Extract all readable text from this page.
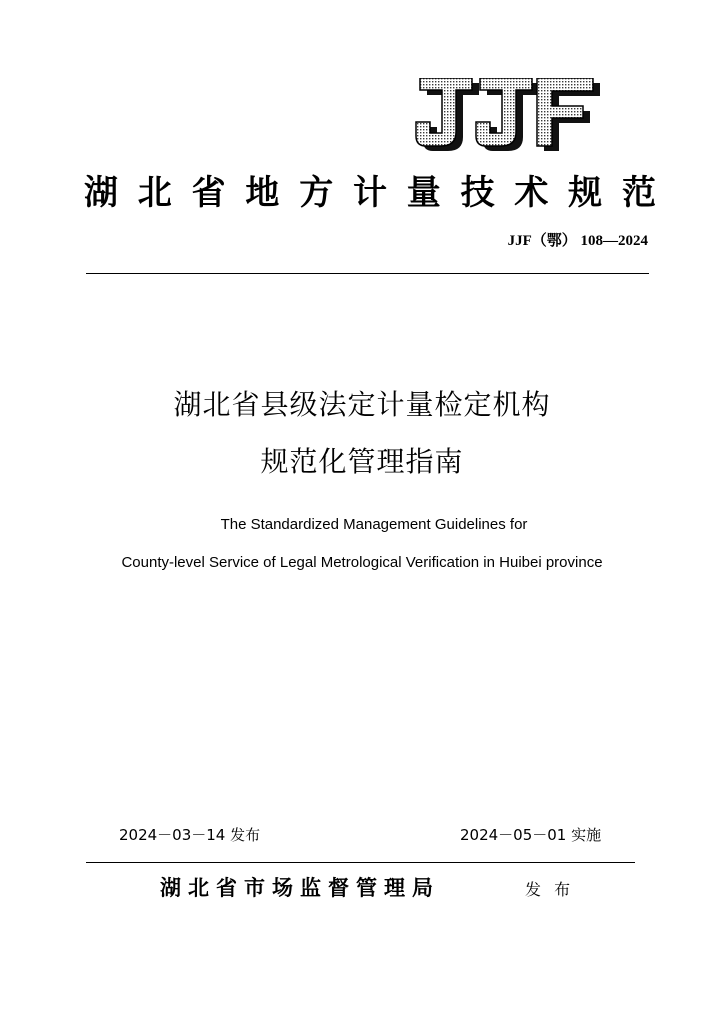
湖 北 省 地 方 计 量 技 术 规 范
JJF（鄂） 108—2024
湖北省县级法定计量检定机构
规范化管理指南
The Standardized Management Guidelines for
County-level Service of Legal Metrological Verification in Huibei province
2024－03－14 发布	2024－05－01 实施
湖北省市场监督管理局	发 布
